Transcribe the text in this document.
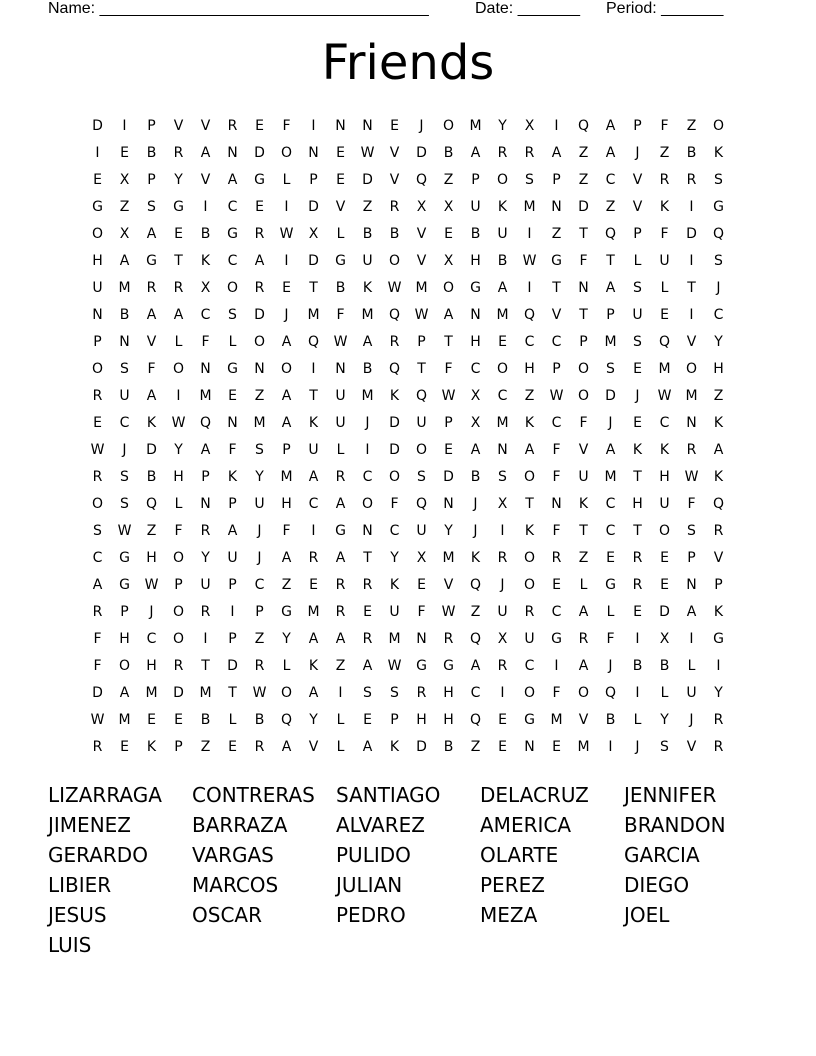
Name: _____________________________________	Date: _______ Period: _______
Friends
D	I	P	V	V	R	E	F	I	N	N	E	J	O	M	Y	X	I	Q	A	P	F	Z	O
I	E	B	R	A	N	D	O	N	E	W	V	D	B	A	R	R	A	Z	A	J	Z	B	K
E	X	P	Y	V	A	G	L	P	E	D	V	Q	Z	P	O	S	P	Z	C	V	R	R	S
G	Z	S	G	I	C	E	I	D	V	Z	R	X	X	U	K	M	N	D	Z	V	K	I	G
O	X	A	E	B	G	R	W	X	L	B	B	V	E	B	U	I	Z	T	Q	P	F	D	Q
H	A	G	T	K	C	A	I	D	G	U	O	V	X	H	B	W	G	F	T	L	U	I	S
U	M	R	R	X	O	R	E	T	B	K	W	M	O	G	A	I	T	N	A	S	L	T	J
N	B	A	A	C	S	D	J	M	F	M	Q	W	A	N	M	Q	V	T	P	U	E	I	C
P	N	V	L	F	L	O	A	Q	W	A	R	P	T	H	E	C	C	P	M	S	Q	V	Y
O	S	F	O	N	G	N	O	I	N	B	Q	T	F	C	O	H	P	O	S	E	M	O	H
R	U	A	I	M	E	Z	A	T	U	M	K	Q	W	X	C	Z	W	O	D	J	W	M	Z
E	C	K	W	Q	N	M	A	K	U	J	D	U	P	X	M	K	C	F	J	E	C	N	K
W	J	D	Y	A	F	S	P	U	L	I	D	O	E	A	N	A	F	V	A	K	K	R	A
R	S	B	H	P	K	Y	M	A	R	C	O	S	D	B	S	O	F	U	M	T	H	W	K
O	S	Q	L	N	P	U	H	C	A	O	F	Q	N	J	X	T	N	K	C	H	U	F	Q
S	W	Z	F	R	A	J	F	I	G	N	C	U	Y	J	I	K	F	T	C	T	O	S	R
C	G	H	O	Y	U	J	A	R	A	T	Y	X	M	K	R	O	R	Z	E	R	E	P	V
A	G	W	P	U	P	C	Z	E	R	R	K	E	V	Q	J	O	E	L	G	R	E	N	P
R	P	J	O	R	I	P	G	M	R	E	U	F	W	Z	U	R	C	A	L	E	D	A	K
F	H	C	O	I	P	Z	Y	A	A	R	M	N	R	Q	X	U	G	R	F	I	X	I	G
F	O	H	R	T	D	R	L	K	Z	A	W	G	G	A	R	C	I	A	J	B	B	L	I
D	A	M	D	M	T	W	O	A	I	S	S	R	H	C	I	O	F	O	Q	I	L	U	Y
W	M	E	E	B	L	B	Q	Y	L	E	P	H	H	Q	E	G	M	V	B	L	Y	J	R
R	E	K	P	Z	E	R	A	V	L	A	K	D	B	Z	E	N	E	M	I	J	S	V	R
LIZARRAGA	CONTRERAS	SANTIAGO	DELACRUZ	JENNIFER
JIMENEZ	BARRAZA	ALVAREZ	AMERICA	BRANDON
GERARDO	VARGAS	PULIDO	OLARTE	GARCIA
LIBIER	MARCOS	JULIAN	PEREZ	DIEGO
JESUS	OSCAR	PEDRO	MEZA	JOEL
LUIS
